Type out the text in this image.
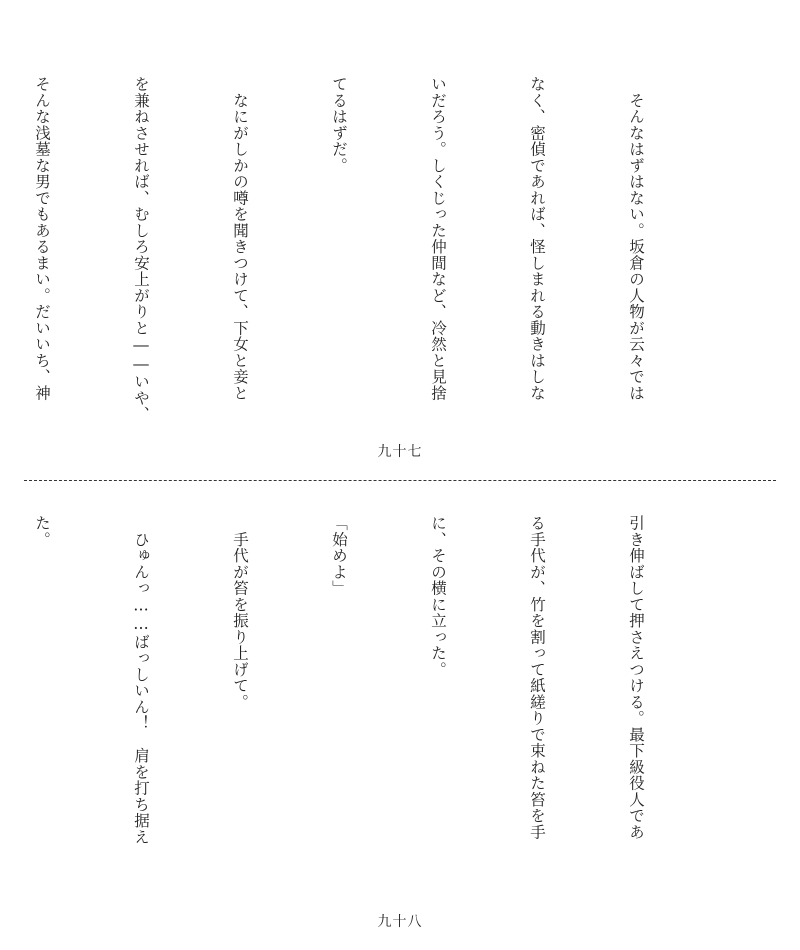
　そんなはずはない。坂倉の人物が云々では

なく、密偵であれば、怪しまれる動きはしな

いだろう。しくじった仲間など、冷然と見捨

てるはずだ。

　なにがしかの噂を聞きつけて、下女と妾と

を兼ねさせれば、むしろ安上がりと――いや、

そんな浅墓な男でもあるまい。だいいち、神

九十七

引き伸ばして押さえつける。最下級役人であ

る手代が、竹を割って紙縒りで束ねた笞を手

に、その横に立った。

「始めよ」

　手代が笞を振り上げて。

　ひゅんっ……ばっしいん！　肩を打ち据え

た。

九十八
